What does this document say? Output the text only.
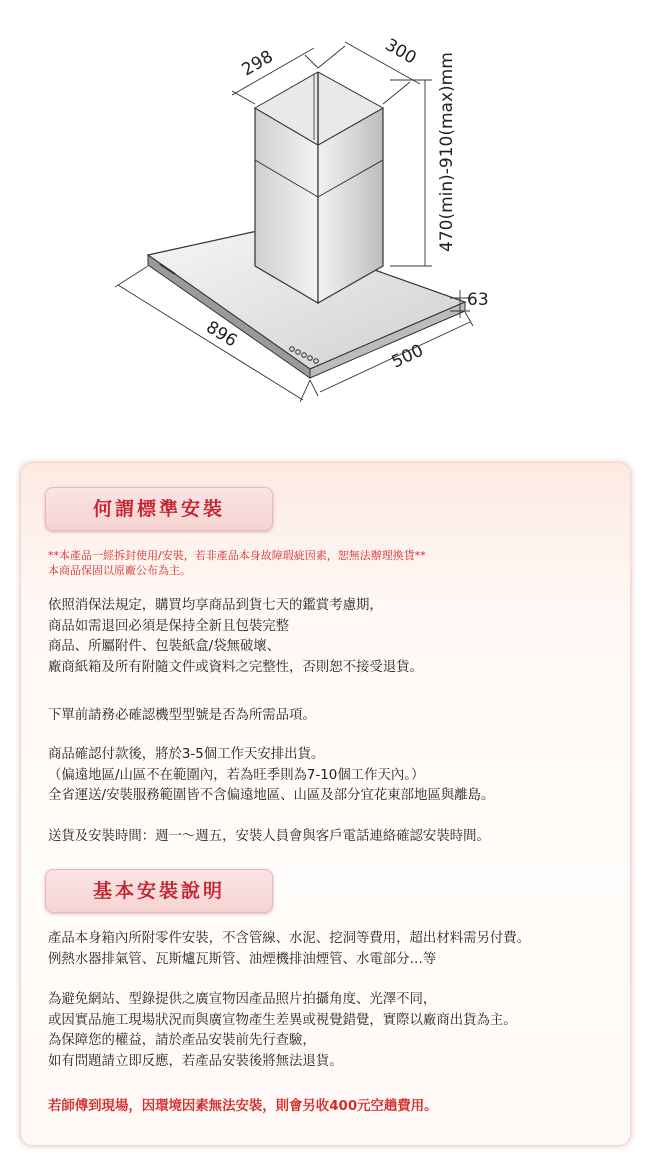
298	300
470(min)-910(max)mm
63
896
500
何謂標準安裝
**本產品一經拆封使用/安裝，若非產品本身故障瑕疵因素，恕無法辦理換貨**
本商品保固以原廠公布為主。
依照消保法規定，購買均享商品到貨七天的鑑賞考慮期，
商品如需退回必須是保持全新且包裝完整
商品、所屬附件、包裝紙盒/袋無破壞、
廠商紙箱及所有附隨文件或資料之完整性，否則恕不接受退貨。
下單前請務必確認機型型號是否為所需品項。
商品確認付款後，將於3-5個工作天安排出貨。
（偏遠地區/山區不在範圍內，若為旺季則為7-10個工作天內。）
全省運送/安裝服務範圍皆不含偏遠地區、山區及部分宜花東部地區與離島。
送貨及安裝時間：週一～週五，安裝人員會與客戶電話連絡確認安裝時間。
基本安裝說明
產品本身箱內所附零件安裝，不含管線、水泥、挖洞等費用，超出材料需另付費。
例熱水器排氣管、瓦斯爐瓦斯管、油煙機排油煙管、水電部分…等
為避免網站、型錄提供之廣宣物因產品照片拍攝角度、光澤不同，
或因實品施工現場狀況而與廣宣物產生差異或視覺錯覺，實際以廠商出貨為主。
為保障您的權益，請於產品安裝前先行查驗，
如有問題請立即反應，若產品安裝後將無法退貨。
若師傅到現場，因環境因素無法安裝，則會另收400元空趟費用。
